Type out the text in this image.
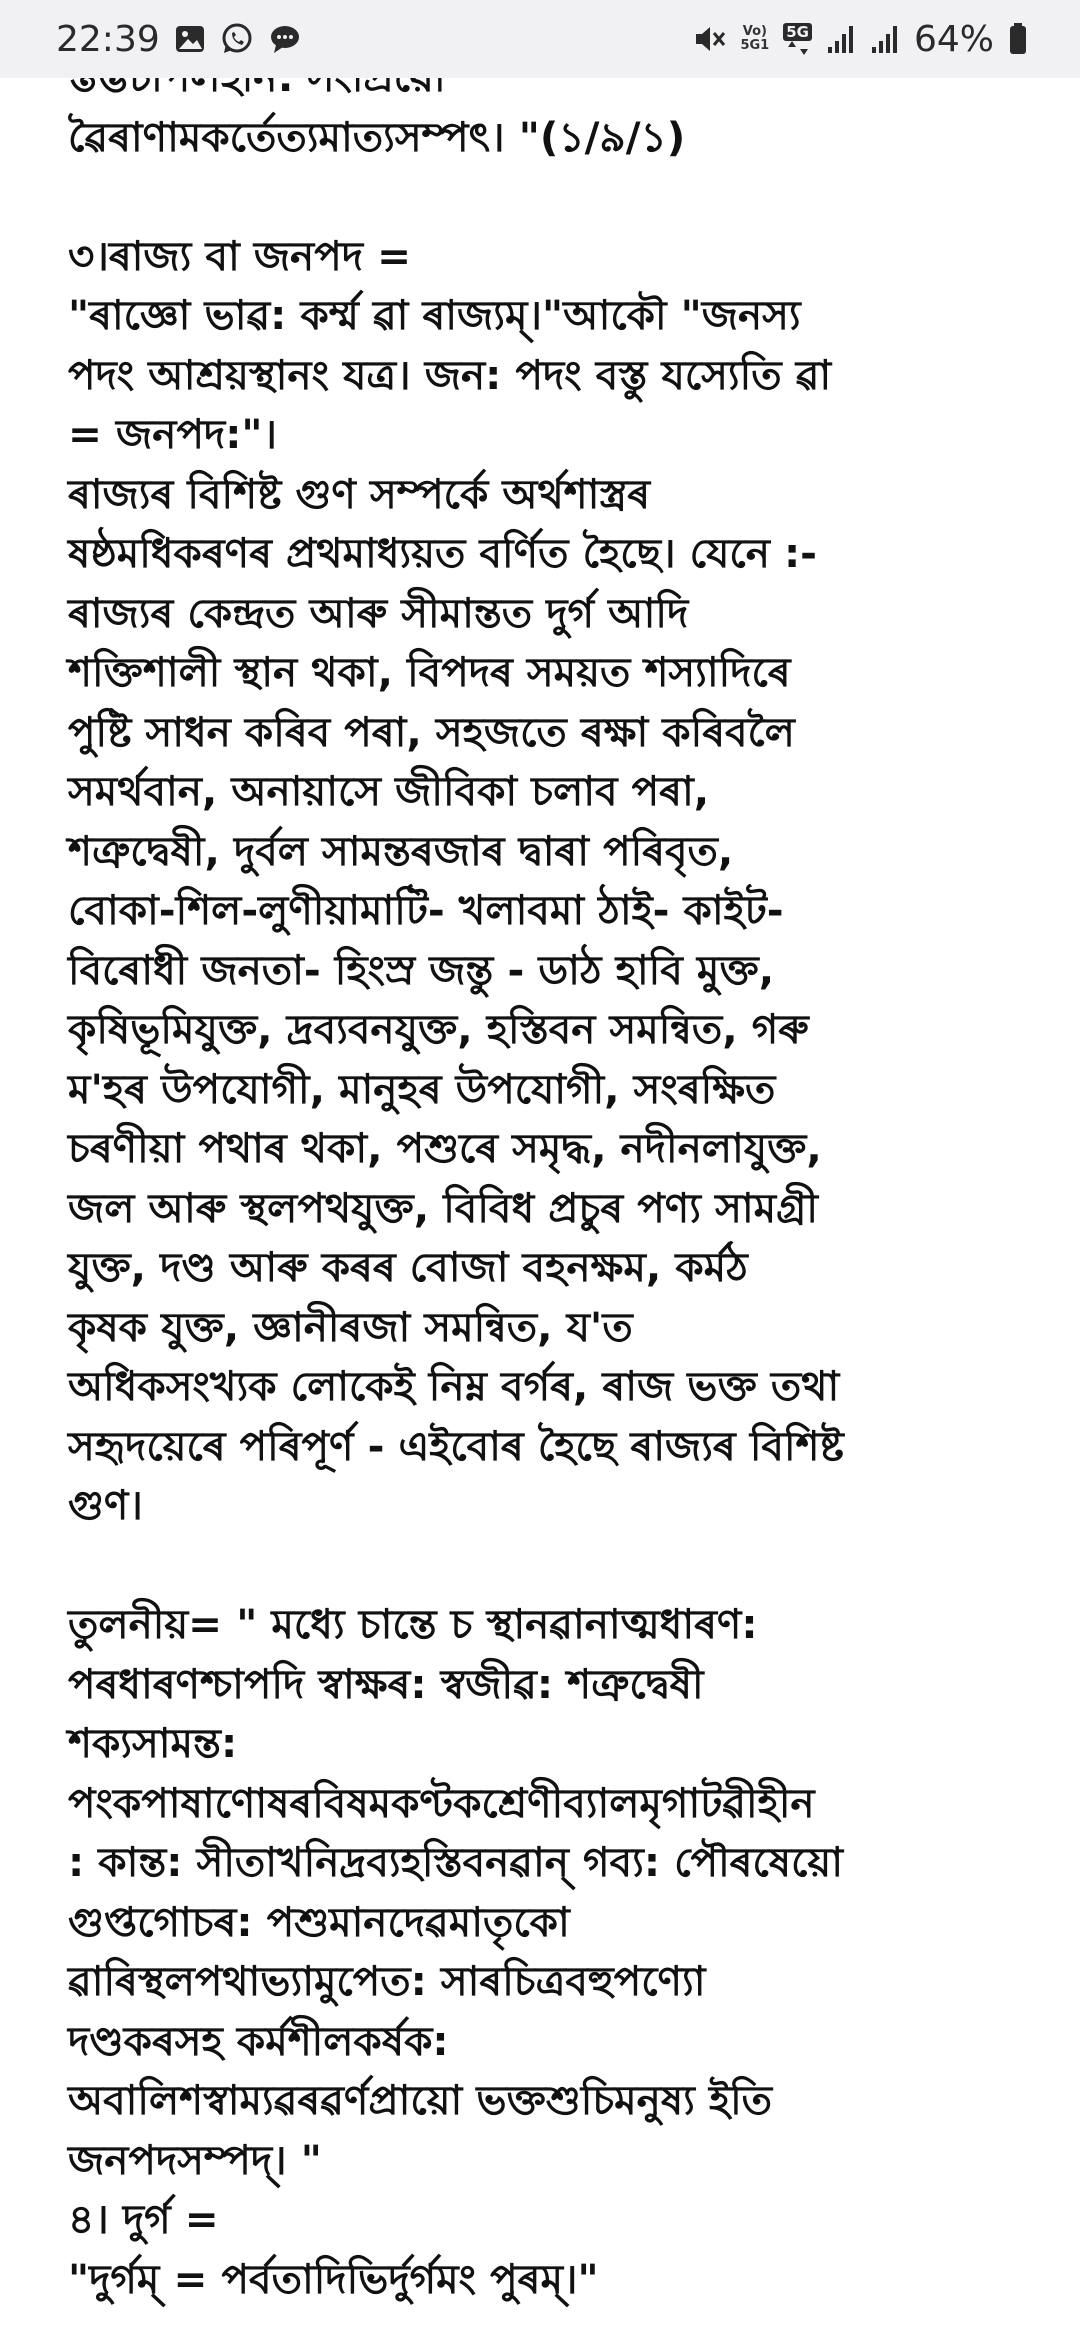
22:39	Vo)
5G1
5G	64%
ৱৈৰাণামকৰ্তেত্যমাত্যসম্পৎ। "(১/৯/১)
৩।ৰাজ্য বা জনপদ =
"ৰাজ্ঞো ভাৱ: কৰ্ম্ম ৱা ৰাজ্যম্।"আকৌ "জনস্য
পদং আশ্ৰয়স্থানং যত্ৰ। জন: পদং বস্তু যস্যেতি ৱা
= জনপদ:"।
ৰাজ্যৰ বিশিষ্ট গুণ সম্পৰ্কে অৰ্থশাস্ত্ৰৰ
ষষ্ঠমধিকৰণৰ প্ৰথমাধ্যয়ত বৰ্ণিত হৈছে। যেনে :-
ৰাজ্যৰ কেন্দ্ৰত আৰু সীমান্তত দুৰ্গ আদি
শক্তিশালী স্থান থকা, বিপদৰ সময়ত শস্যাদিৰে
পুষ্টি সাধন কৰিব পৰা, সহজতে ৰক্ষা কৰিবলৈ
সমৰ্থবান, অনায়াসে জীবিকা চলাব পৰা,
শত্ৰুদ্বেষী, দুৰ্বল সামন্তৰজাৰ দ্বাৰা পৰিবৃত,
বোকা-শিল-লুণীয়ামাটি- খলাবমা ঠাই- কাইট-
বিৰোধী জনতা- হিংস্ৰ জন্তু - ডাঠ হাবি মুক্ত,
কৃষিভূমিযুক্ত, দ্ৰব্যবনযুক্ত, হস্তিবন সমন্বিত, গৰু
ম'হৰ উপযোগী, মানুহৰ উপযোগী, সংৰক্ষিত
চৰণীয়া পথাৰ থকা, পশুৰে সমৃদ্ধ, নদীনলাযুক্ত,
জল আৰু স্থলপথযুক্ত, বিবিধ প্ৰচুৰ পণ্য সামগ্ৰী
যুক্ত, দণ্ড আৰু কৰৰ বোজা বহনক্ষম, কৰ্মঠ
কৃষক যুক্ত, জ্ঞানীৰজা সমন্বিত, য'ত
অধিকসংখ্যক লোকেই নিম্ন বৰ্গৰ, ৰাজ ভক্ত তথা
সহৃদয়েৰে পৰিপূৰ্ণ - এইবোৰ হৈছে ৰাজ্যৰ বিশিষ্ট
গুণ।
তুলনীয়= " মধ্যে চান্তে চ স্থানৱানাত্মধাৰণ:
পৰধাৰণশ্চাপদি স্বাক্ষৰ: স্বজীৱ: শত্ৰুদ্বেষী
শক্যসামন্ত:
পংকপাষাণোষৰবিষমকণ্টকশ্ৰেণীব্যালমৃগাটৱীহীন
: কান্ত: সীতাখনিদ্ৰব্যহস্তিবনৱান্ গব্য: পৌৰষেয়ো
গুপ্তগোচৰ: পশুমানদেৱমাতৃকো
ৱাৰিস্থলপথাভ্যামুপেত: সাৰচিত্ৰবহুপণ্যো
দণ্ডকৰসহ কৰ্মশীলকৰ্ষক:
অবালিশস্বাম্যৱৰৱৰ্ণপ্ৰায়ো ভক্তশুচিমনুষ্য ইতি
জনপদসম্পদ্। "
৪। দুৰ্গ =
"দুৰ্গম্ = পৰ্বতাদিভিৰ্দুৰ্গমং পুৰম্।"
